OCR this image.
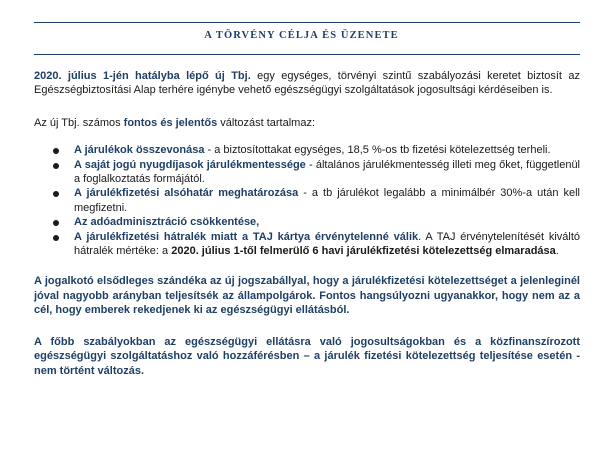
A TÖRVÉNY CÉLJA ÉS ÜZENETE

2020. július 1-jén hatályba lépő új Tbj. egy egységes, törvényi szintű szabályozási keretet biztosít az Egészségbiztosítási Alap terhére igénybe vehető egészségügyi szolgáltatások jogosultsági kérdéseiben is.

Az új Tbj. számos fontos és jelentős változást tartalmaz:

A járulékok összevonása - a biztosítottakat egységes, 18,5 %-os tb fizetési kötelezettség terheli.
A saját jogú nyugdíjasok járulékmentessége - általános járulékmentesség illeti meg őket, függetlenül a foglalkoztatás formájától.
A járulékfizetési alsóhatár meghatározása - a tb járulékot legalább a minimálbér 30%-a után kell megfizetni.
Az adóadminisztráció csökkentése,
A járulékfizetési hátralék miatt a TAJ kártya érvénytelenné válik. A TAJ érvénytelenítését kiváltó hátralék mértéke: a 2020. július 1-től felmerülő 6 havi járulékfizetési kötelezettség elmaradása.

A jogalkotó elsődleges szándéka az új jogszabállyal, hogy a járulékfizetési kötelezettséget a jelenleginél jóval nagyobb arányban teljesítsék az állampolgárok. Fontos hangsúlyozni ugyanakkor, hogy nem az a cél, hogy emberek rekedjenek ki az egészségügyi ellátásból.

A főbb szabályokban az egészségügyi ellátásra való jogosultságokban és a közfinanszírozott egészségügyi szolgáltatáshoz való hozzáférésben – a járulék fizetési kötelezettség teljesítése esetén - nem történt változás.
